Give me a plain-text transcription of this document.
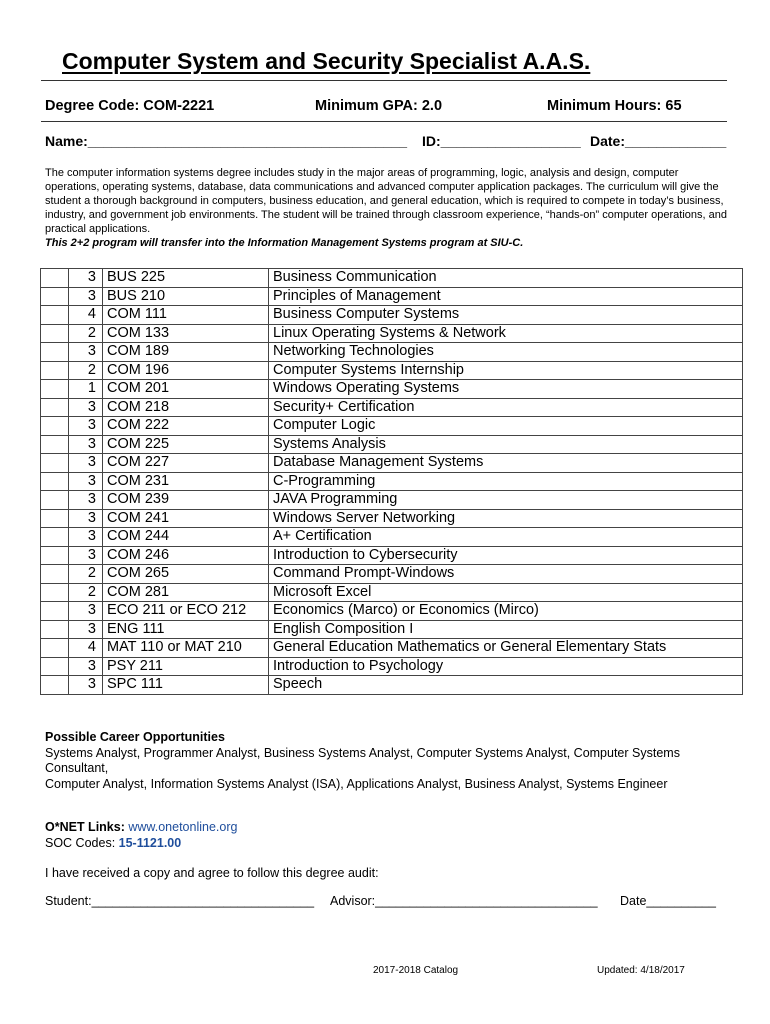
Computer System and Security Specialist A.A.S.
Degree Code: COM-2221	Minimum GPA: 2.0	Minimum Hours: 65
Name:_________________________________________ ID:__________________ Date:_____________

The computer information systems degree includes study in the major areas of programming, logic, analysis and design, computer operations, operating systems, database, data communications and advanced computer application packages. The curriculum will give the student a thorough background in computers, business education, and general education, which is required to compete in today’s business, industry, and government job environments. The student will be trained through classroom experience, “hands-on” computer operations, and practical applications.

This 2+2 program will transfer into the Information Management Systems program at SIU-C.

	3	BUS 225	Business Communication
	3	BUS 210	Principles of Management
	4	COM 111	Business Computer Systems
	2	COM 133	Linux Operating Systems & Network
	3	COM 189	Networking Technologies
	2	COM 196	Computer Systems Internship
	1	COM 201	Windows Operating Systems
	3	COM 218	Security+ Certification
	3	COM 222	Computer Logic
	3	COM 225	Systems Analysis
	3	COM 227	Database Management Systems
	3	COM 231	C-Programming
	3	COM 239	JAVA Programming
	3	COM 241	Windows Server Networking
	3	COM 244	A+ Certification
	3	COM 246	Introduction to Cybersecurity
	2	COM 265	Command Prompt-Windows
	2	COM 281	Microsoft Excel
	3	ECO 211 or ECO 212	Economics (Marco) or Economics (Mirco)
	3	ENG 111	English Composition I
	4	MAT 110 or MAT 210	General Education Mathematics or General Elementary Stats
	3	PSY 211	Introduction to Psychology
	3	SPC 111	Speech
Possible Career Opportunities

Systems Analyst, Programmer Analyst, Business Systems Analyst, Computer Systems Analyst, Computer Systems Consultant,

Computer Analyst, Information Systems Analyst (ISA), Applications Analyst, Business Analyst, Systems Engineer

O*NET Links: www.onetonline.org
SOC Codes: 15-1121.00
I have received a copy and agree to follow this degree audit:
Student:________________________________ Advisor:________________________________ Date__________
2017-2018 Catalog	Updated: 4/18/2017
